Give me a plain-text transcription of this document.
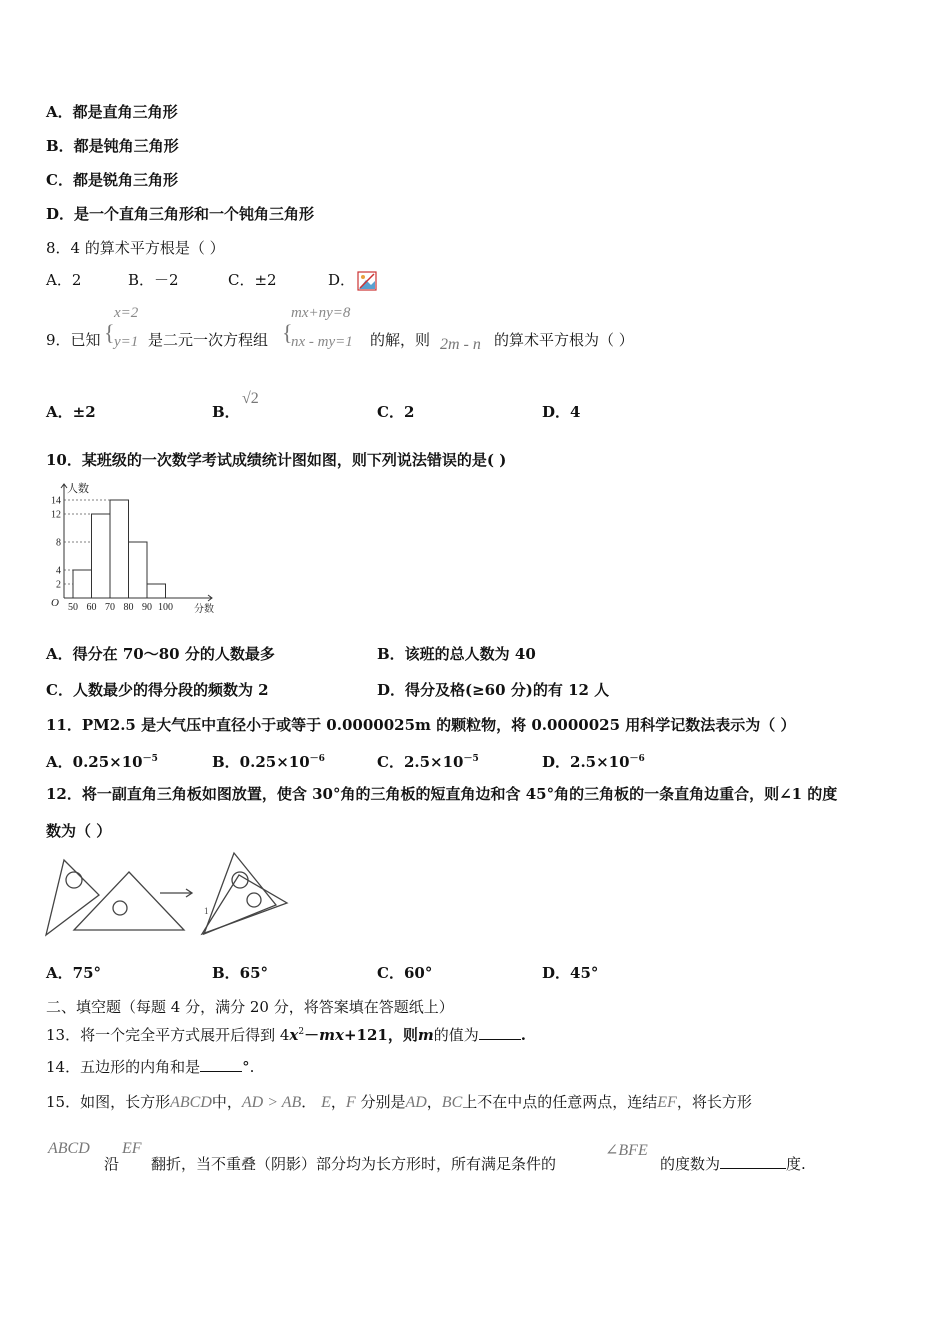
A．都是直角三角形
B．都是钝角三角形
C．都是锐角三角形
D．是一个直角三角形和一个钝角三角形
8．4 的算术平方根是（ ）
A．2	B．－2	C．±2	D．
9．已知 {
x=2
y=1 是二元一次方程组 {
mx+ny=8
nx - my=1 的解，则 2m - n 的算术平方根为（ ）
A．±2	B．
√2
C．2	D．4
10．某班级的一次数学考试成绩统计图如图，则下列说法错误的是( )
2
4
8
12
14
50 60 70 80 90 100
O
人数
分数
A．得分在 70～80 分的人数最多	B．该班的总人数为 40
C．人数最少的得分段的频数为 2	D．得分及格(≥60 分)的有 12 人
11．PM2.5 是大气压中直径小于或等于 0.0000025m 的颗粒物，将 0.0000025 用科学记数法表示为（ ）
A．$0.25\times 10^{-5}$	B．$0.25\times 10^{-6}$	C．$2.5\times 10^{-5}$	D．$2.5\times 10^{-6}$
12．将一副直角三角板如图放置，使含 30°角的三角板的短直角边和含 45°角的三角板的一条直角边重合，则∠1 的度
数为（ ）
1
A．75°	B．65°	C．60°	D．45°
二、填空题（每题 4 分，满分 20 分，将答案填在答题纸上）
13．将一个完全平方式展开后得到 $4x^2-mx+121$，则m的值为	.
14．五边形的内角和是	°.
15．如图，长方形ABCD中，AD > AB． E，F 分别是AD，BC上不在中点的任意两点，连结EF，将长方形
ABCD
沿
EF
翻折，当不重叠（阴影）部分均为长方形时，所有满足条件的
∠BFE
的度数为	度.
